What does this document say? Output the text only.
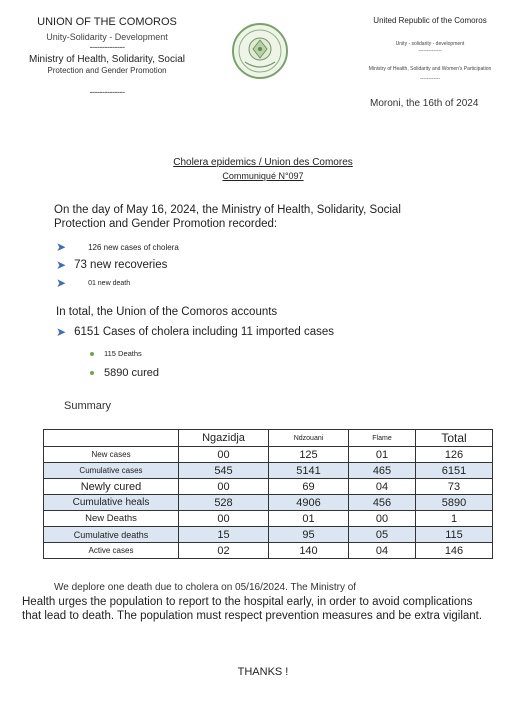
UNION OF THE COMOROS
Unity-Solidarity - Development
--------------
Ministry of Health, Solidarity, Social
Protection and Gender Promotion
--------------
United Republic of the Comoros
Unity - solidarity - development
--------------
Ministry of Health, Solidarity and Women's Participation
------------
Moroni, the 16th of 2024
Cholera epidemics / Union des Comores
Communiqué N°097
On the day of May 16, 2024, the Ministry of Health, Solidarity, Social Protection and Gender Promotion recorded:
➤	126 new cases of cholera
➤ 73 new recoveries
➤	01 new death
In total, the Union of the Comoros accounts
➤ 6151 Cases of cholera including 11 imported cases
115 Deaths
5890 cured
Summary
	Ngazidja	Ndzouani	Flame	Total
New cases	00	125	01	126
Cumulative cases	545	5141	465	6151
Newly cured	00	69	04	73
Cumulative heals	528	4906	456	5890
New Deaths	00	01	00	1
Cumulative deaths	15	95	05	115
Active cases	02	140	04	146
We deplore one death due to cholera on 05/16/2024. The Ministry of
Health urges the population to report to the hospital early, in order to avoid complications that lead to death. The population must respect prevention measures and be extra vigilant.
THANKS !
